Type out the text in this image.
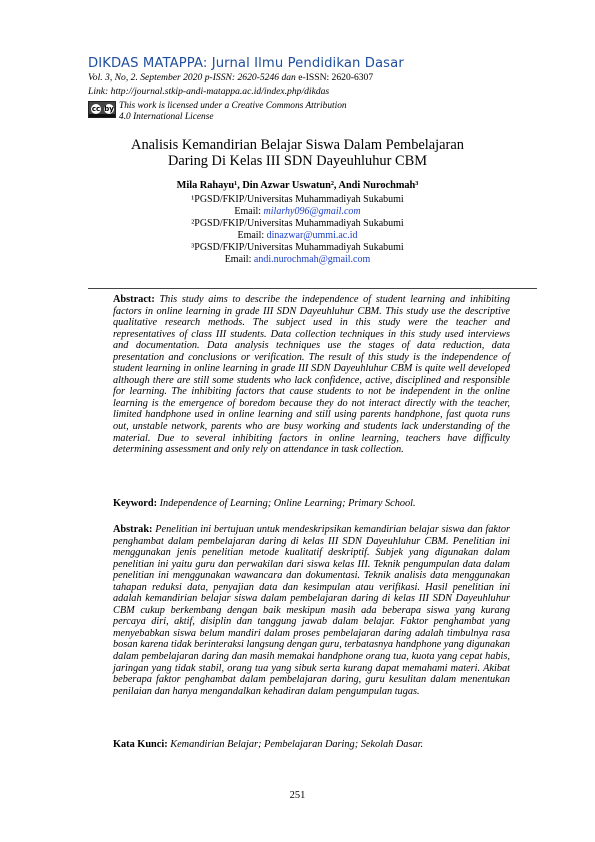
DIKDAS MATAPPA: Jurnal Ilmu Pendidikan Dasar
Vol. 3, No, 2. September 2020 p-ISSN: 2620-5246 dan e-ISSN: 2620-6307
Link: http://journal.stkip-andi-matappa.ac.id/index.php/dikdas
cc by This work is licensed under a Creative Commons Attribution
4.0 International License
Analisis Kemandirian Belajar Siswa Dalam Pembelajaran
Daring Di Kelas III SDN Dayeuhluhur CBM
Mila Rahayu¹, Din Azwar Uswatun², Andi Nurochmah³
¹PGSD/FKIP/Universitas Muhammadiyah Sukabumi
Email: milarhy096@gmail.com
²PGSD/FKIP/Universitas Muhammadiyah Sukabumi
Email: dinazwar@ummi.ac.id
³PGSD/FKIP/Universitas Muhammadiyah Sukabumi
Email: andi.nurochmah@gmail.com
Abstract: This study aims to describe the independence of student learning and inhibiting factors in online learning in grade III SDN Dayeuhluhur CBM. This study use the descriptive qualitative research methods. The subject used in this study were the teacher and representatives of class III students. Data collection techniques in this study used interviews and documentation. Data analysis techniques use the stages of data reduction, data presentation and conclusions or verification. The result of this study is the independence of student learning in online learning in grade III SDN Dayeuhluhur CBM is quite well developed although there are still some students who lack confidence, active, disciplined and responsible for learning. The inhibiting factors that cause students to not be independent in the online learning is the emergence of boredom because they do not interact directly with the teacher, limited handphone used in online learning and still using parents handphone, fast quota runs out, unstable network, parents who are busy working and students lack understanding of the material. Due to several inhibiting factors in online learning, teachers have difficulty determining assessment and only rely on attendance in task collection.
Keyword: Independence of Learning; Online Learning; Primary School.
Abstrak: Penelitian ini bertujuan untuk mendeskripsikan kemandirian belajar siswa dan faktor penghambat dalam pembelajaran daring di kelas III SDN Dayeuhluhur CBM. Penelitian ini menggunakan jenis penelitian metode kualitatif deskriptif. Subjek yang digunakan dalam penelitian ini yaitu guru dan perwakilan dari siswa kelas III. Teknik pengumpulan data dalam penelitian ini menggunakan wawancara dan dokumentasi. Teknik analisis data menggunakan tahapan reduksi data, penyajian data dan kesimpulan atau verifikasi. Hasil penelitian ini adalah kemandirian belajar siswa dalam pembelajaran daring di kelas III SDN Dayeuhluhur CBM cukup berkembang dengan baik meskipun masih ada beberapa siswa yang kurang percaya diri, aktif, disiplin dan tanggung jawab dalam belajar. Faktor penghambat yang menyebabkan siswa belum mandiri dalam proses pembelajaran daring adalah timbulnya rasa bosan karena tidak berinteraksi langsung dengan guru, terbatasnya handphone yang digunakan dalam pembelajaran daring dan masih memakai handphone orang tua, kuota yang cepat habis, jaringan yang tidak stabil, orang tua yang sibuk serta kurang dapat memahami materi. Akibat beberapa faktor penghambat dalam pembelajaran daring, guru kesulitan dalam menentukan penilaian dan hanya mengandalkan kehadiran dalam pengumpulan tugas.
Kata Kunci: Kemandirian Belajar; Pembelajaran Daring; Sekolah Dasar.
251
